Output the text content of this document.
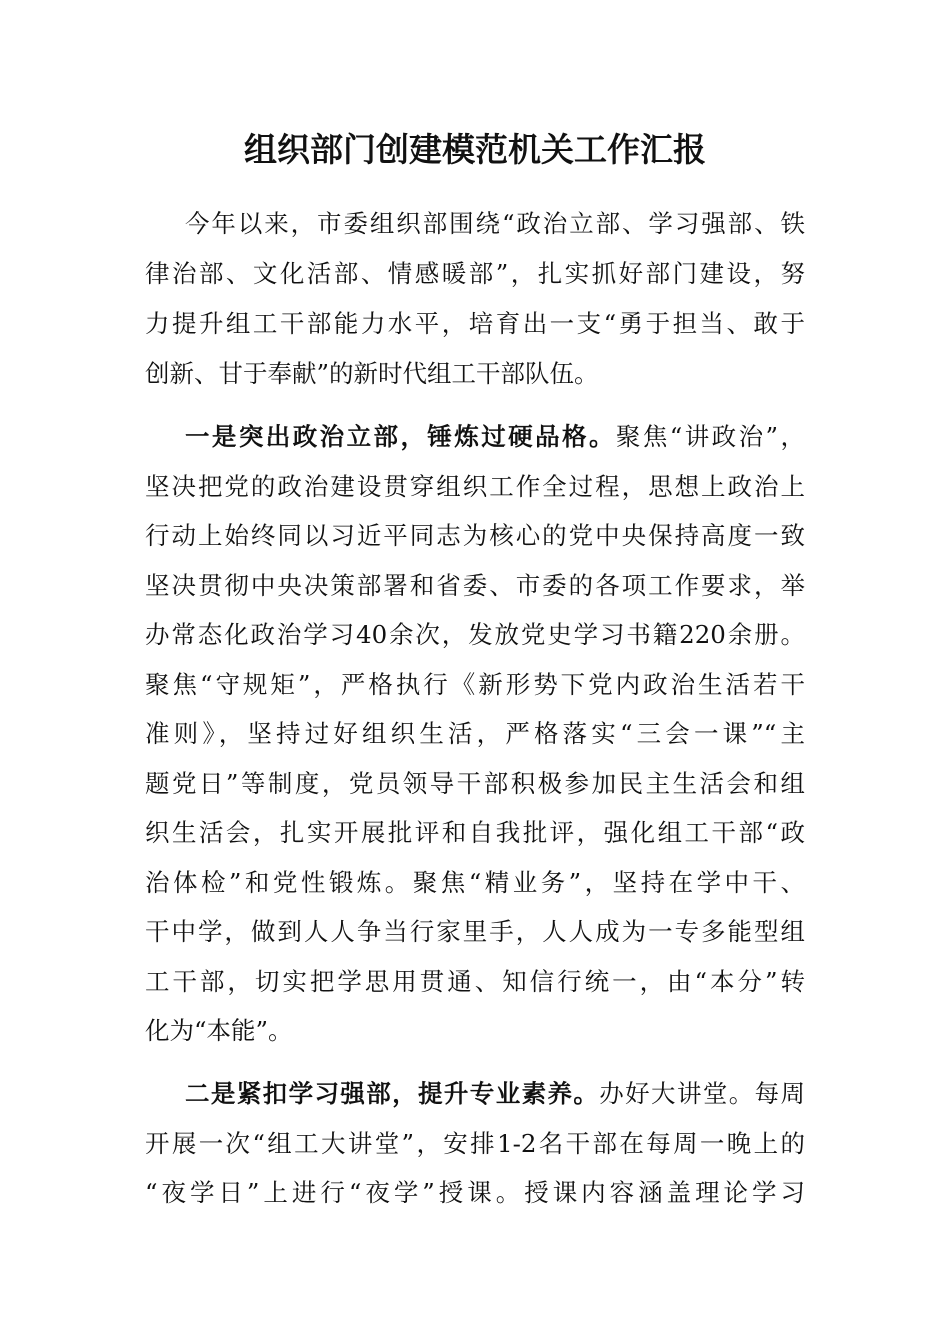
组织部门创建模范机关工作汇报
今年以来，市委组织部围绕“政治立部、学习强部、铁
律治部、文化活部、情感暖部”，扎实抓好部门建设，努
力提升组工干部能力水平，培育出一支“勇于担当、敢于
创新、甘于奉献”的新时代组工干部队伍。
一是突出政治立部，锤炼过硬品格。聚焦“讲政治”，
坚决把党的政治建设贯穿组织工作全过程，思想上政治上
行动上始终同以习近平同志为核心的党中央保持高度一致
坚决贯彻中央决策部署和省委、市委的各项工作要求，举
办常态化政治学习40余次，发放党史学习书籍220余册。
聚焦“守规矩”，严格执行《新形势下党内政治生活若干
准则》，坚持过好组织生活，严格落实“三会一课”“主
题党日”等制度，党员领导干部积极参加民主生活会和组
织生活会，扎实开展批评和自我批评，强化组工干部“政
治体检”和党性锻炼。聚焦“精业务”，坚持在学中干、
干中学，做到人人争当行家里手，人人成为一专多能型组
工干部，切实把学思用贯通、知信行统一，由“本分”转
化为“本能”。
二是紧扣学习强部，提升专业素养。办好大讲堂。每周
开展一次“组工大讲堂”，安排1-2名干部在每周一晚上的
“夜学日”上进行“夜学”授课。授课内容涵盖理论学习
